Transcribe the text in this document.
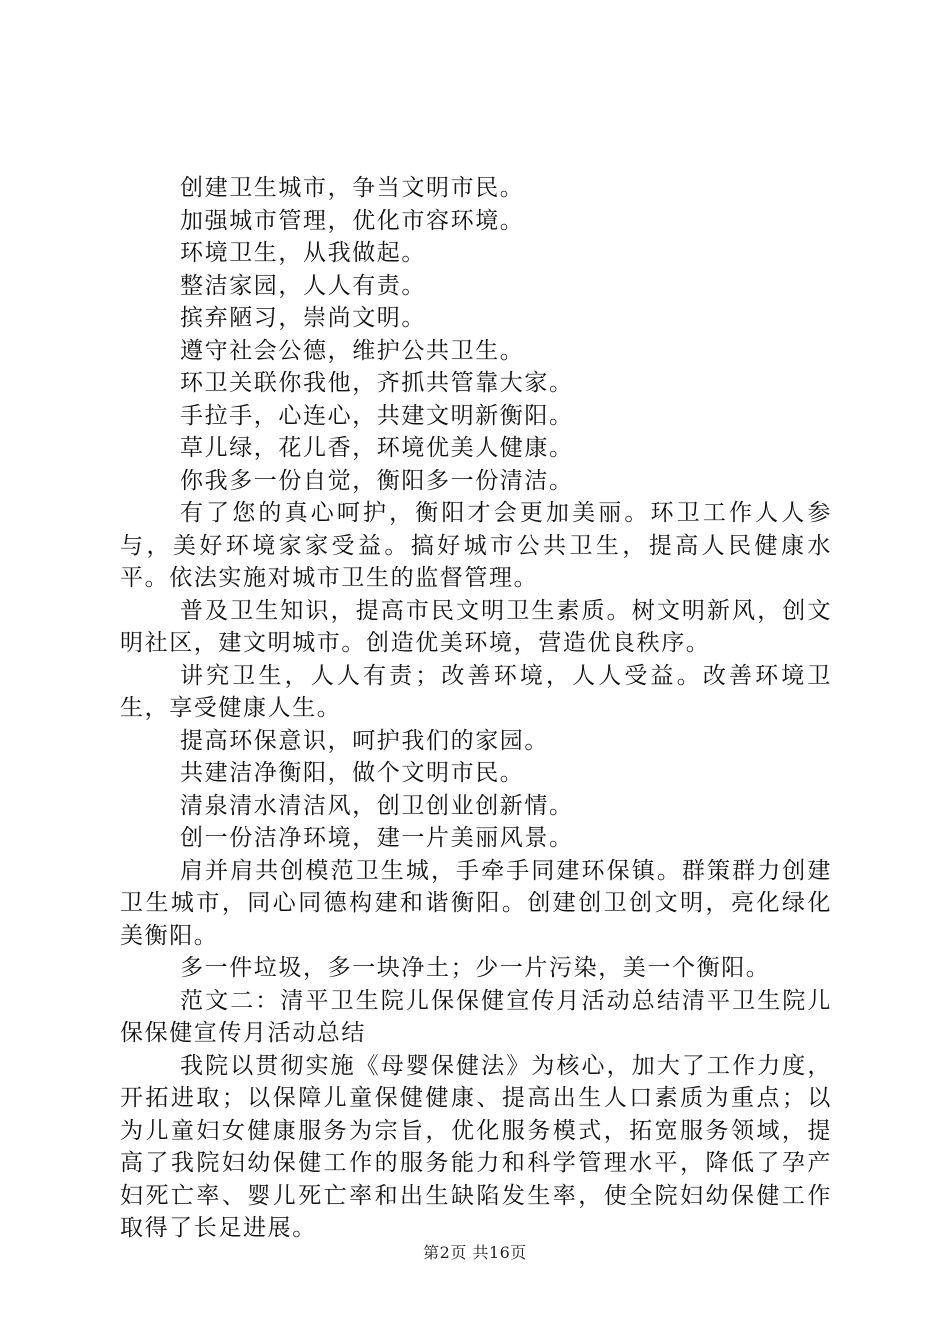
创建卫生城市，争当文明市民。

加强城市管理，优化市容环境。

环境卫生，从我做起。

整洁家园，人人有责。

摈弃陋习，崇尚文明。

遵守社会公德，维护公共卫生。

环卫关联你我他，齐抓共管靠大家。

手拉手，心连心，共建文明新衡阳。

草儿绿，花儿香，环境优美人健康。

你我多一份自觉，衡阳多一份清洁。

有了您的真心呵护，衡阳才会更加美丽。环卫工作人人参与，美好环境家家受益。搞好城市公共卫生，提高人民健康水平。依法实施对城市卫生的监督管理。

普及卫生知识，提高市民文明卫生素质。树文明新风，创文明社区，建文明城市。创造优美环境，营造优良秩序。

讲究卫生，人人有责；改善环境，人人受益。改善环境卫生，享受健康人生。

提高环保意识，呵护我们的家园。

共建洁净衡阳，做个文明市民。

清泉清水清洁风，创卫创业创新情。

创一份洁净环境，建一片美丽风景。

肩并肩共创模范卫生城，手牵手同建环保镇。群策群力创建卫生城市，同心同德构建和谐衡阳。创建创卫创文明，亮化绿化美衡阳。

多一件垃圾，多一块净土；少一片污染，美一个衡阳。

范文二：清平卫生院儿保保健宣传月活动总结清平卫生院儿保保健宣传月活动总结

我院以贯彻实施《母婴保健法》为核心，加大了工作力度，开拓进取；以保障儿童保健健康、提高出生人口素质为重点；以为儿童妇女健康服务为宗旨，优化服务模式，拓宽服务领域，提高了我院妇幼保健工作的服务能力和科学管理水平，降低了孕产妇死亡率、婴儿死亡率和出生缺陷发生率，使全院妇幼保健工作取得了长足进展。

第2页 共16页
